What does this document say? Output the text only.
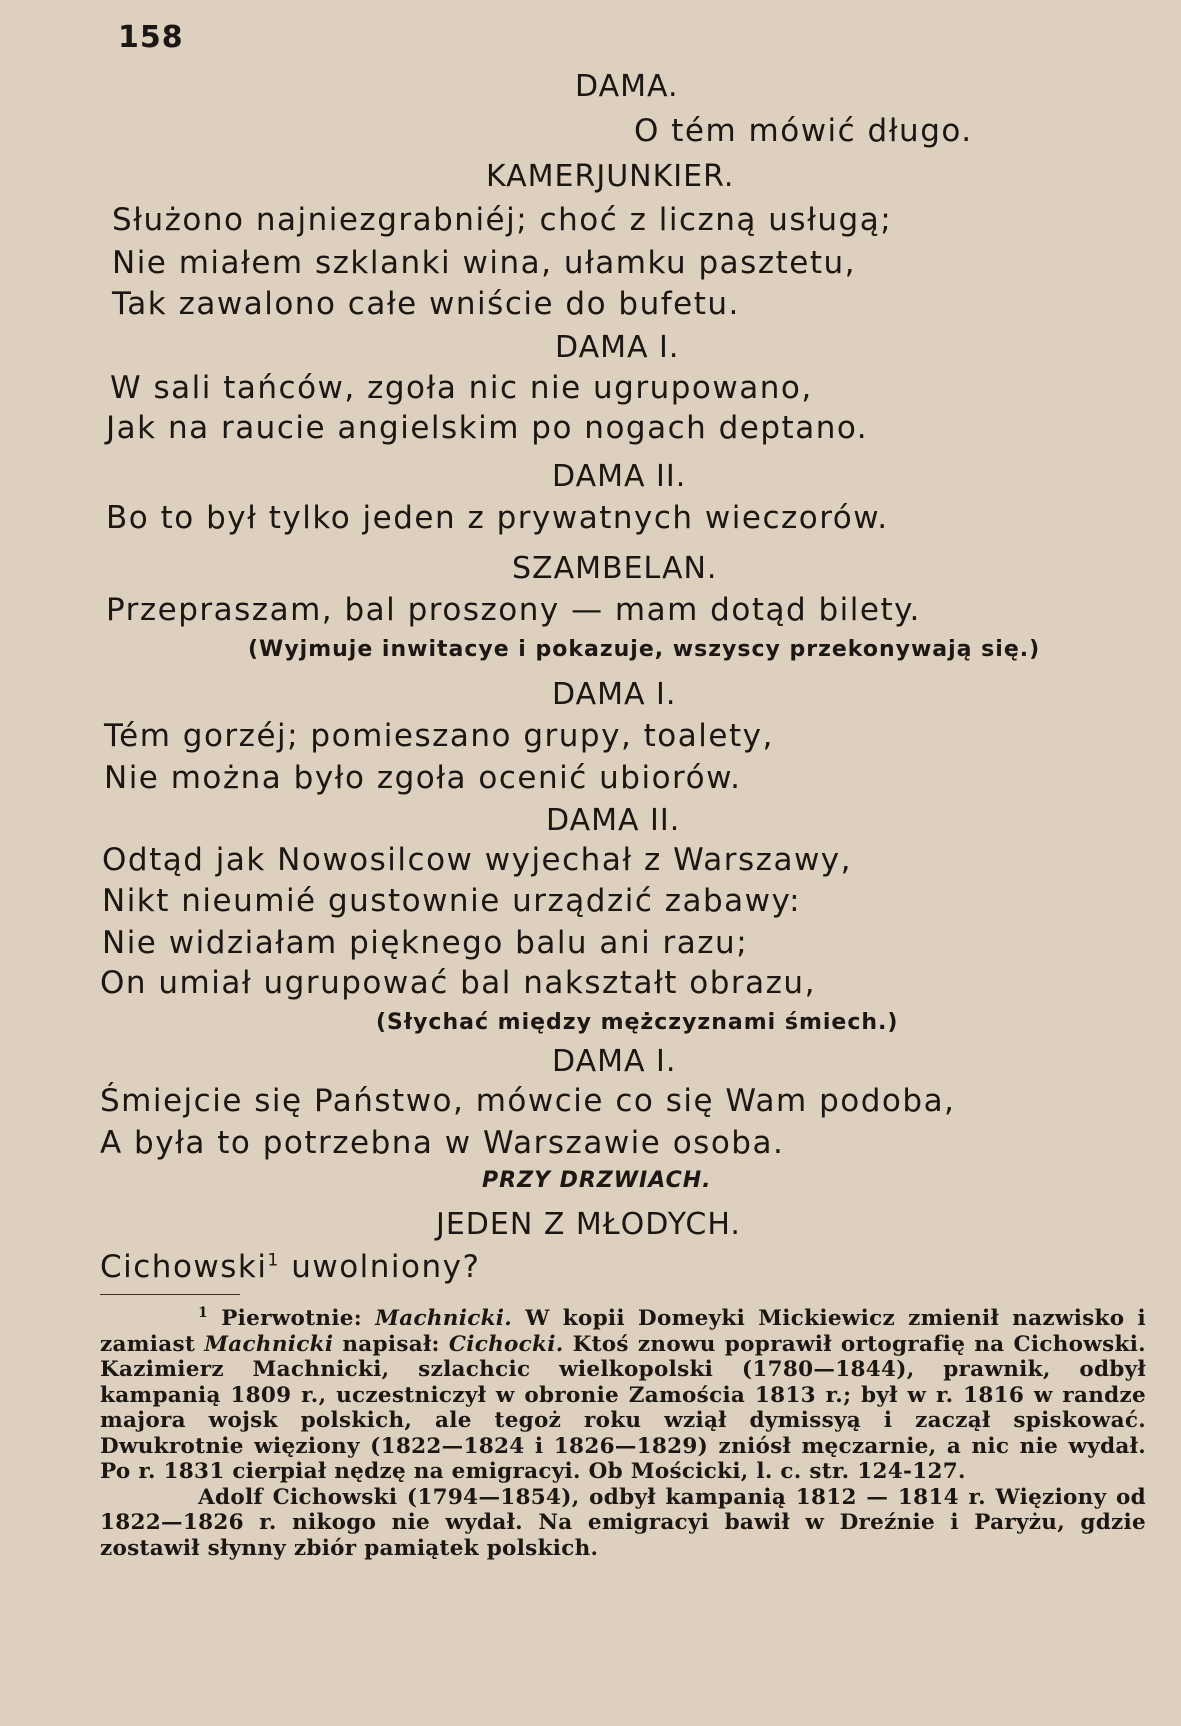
158
DAMA.
O tém mówić długo.
KAMERJUNKIER.
Służono najniezgrabniéj; choć z liczną usługą;
Nie miałem szklanki wina, ułamku pasztetu,
Tak zawalono całe wniście do bufetu.
DAMA I.
W sali tańców, zgoła nic nie ugrupowano,
Jak na raucie angielskim po nogach deptano.
DAMA II.
Bo to był tylko jeden z prywatnych wieczorów.
SZAMBELAN.
Przepraszam, bal proszony — mam dotąd bilety.
(Wyjmuje inwitacye i pokazuje, wszyscy przekonywają się.)
DAMA I.
Tém gorzéj; pomieszano grupy, toalety,
Nie można było zgoła ocenić ubiorów.
DAMA II.
Odtąd jak Nowosilcow wyjechał z Warszawy,
Nikt nieumié gustownie urządzić zabawy:
Nie widziałam pięknego balu ani razu;
On umiał ugrupować bal nakształt obrazu,
(Słychać między mężczyznami śmiech.)
DAMA I.
Śmiejcie się Państwo, mówcie co się Wam podoba,
A była to potrzebna w Warszawie osoba.
PRZY DRZWIACH.
JEDEN Z MŁODYCH.
Cichowski$^1$ uwolniony?

$^1$ Pierwotnie: Machnicki. W kopii Domeyki Mickiewicz zmienił nazwisko i zamiast Machnicki napisał: Cichocki. Ktoś znowu poprawił ortografię na Cichowski. Kazimierz Machnicki, szlachcic wielkopolski (1780—1844), prawnik, odbył kampanią 1809 r., uczestniczył w obronie Zamościa 1813 r.; był w r. 1816 w randze majora wojsk polskich, ale tegoż roku wziął dymissyą i zaczął spiskować. Dwukrotnie więziony (1822—1824 i 1826—1829) zniósł męczarnie, a nic nie wydał. Po r. 1831 cierpiał nędzę na emigracyi. Ob Mościcki, l. c. str. 124-127.

Adolf Cichowski (1794—1854), odbył kampanią 1812 — 1814 r. Więziony od 1822—1826 r. nikogo nie wydał. Na emigracyi bawił w Dreźnie i Paryżu, gdzie zostawił słynny zbiór pamiątek polskich.
